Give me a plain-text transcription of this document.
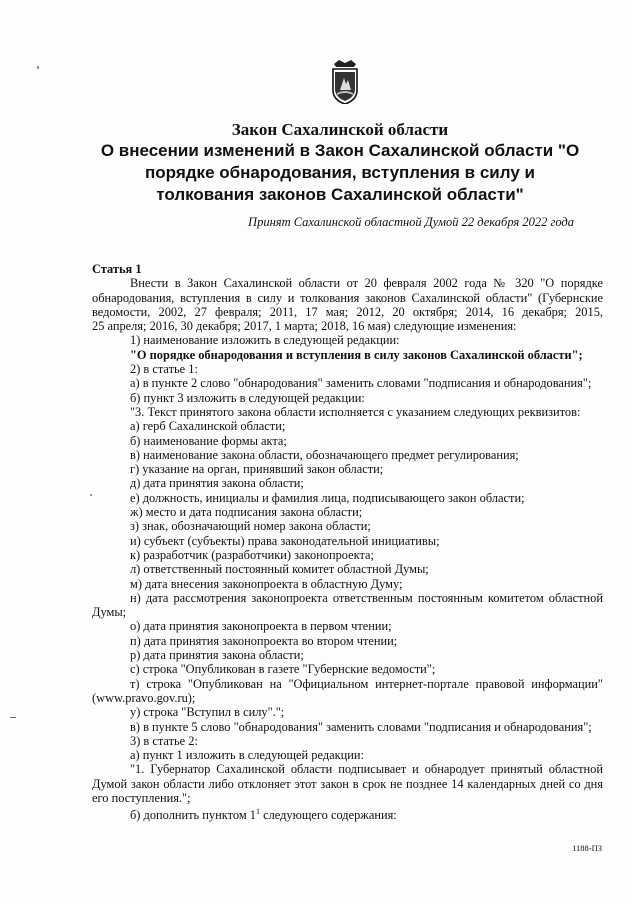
Закон Сахалинской области
О внесении изменений в Закон Сахалинской области "О порядке обнародования, вступления в силу и толкования законов Сахалинской области"
Принят Сахалинской областной Думой 22 декабря 2022 года

Статья 1

Внести в Закон Сахалинской области от 20 февраля 2002 года № 320 "О порядке

обнародования, вступления в силу и толкования законов Сахалинской области" (Губернские

ведомости, 2002, 27 февраля; 2011, 17 мая; 2012, 20 октября; 2014, 16 декабря; 2015,

25 апреля; 2016, 30 декабря; 2017, 1 марта; 2018, 16 мая) следующие изменения:

1) наименование изложить в следующей редакции:

"О порядке обнародования и вступления в силу законов Сахалинской области";

2) в статье 1:

а) в пункте 2 слово "обнародования" заменить словами "подписания и обнародования";

б) пункт 3 изложить в следующей редакции:

"3. Текст принятого закона области исполняется с указанием следующих реквизитов:

а) герб Сахалинской области;

б) наименование формы акта;

в) наименование закона области, обозначающего предмет регулирования;

г) указание на орган, принявший закон области;

д) дата принятия закона области;

е) должность, инициалы и фамилия лица, подписывающего закон области;

ж) место и дата подписания закона области;

з) знак, обозначающий номер закона области;

и) субъект (субъекты) права законодательной инициативы;

к) разработчик (разработчики) законопроекта;

л) ответственный постоянный комитет областной Думы;

м) дата внесения законопроекта в областную Думу;

н) дата рассмотрения законопроекта ответственным постоянным комитетом областной

Думы;

о) дата принятия законопроекта в первом чтении;

п) дата принятия законопроекта во втором чтении;

р) дата принятия закона области;

с) строка "Опубликован в газете "Губернские ведомости";

т) строка "Опубликован на "Официальном интернет-портале правовой информации"

(www.pravo.gov.ru);

у) строка "Вступил в силу".";

в) в пункте 5 слово "обнародования" заменить словами "подписания и обнародования";

3) в статье 2:

а) пункт 1 изложить в следующей редакции:

"1. Губернатор Сахалинской области подписывает и обнародует принятый областной

Думой закон области либо отклоняет этот закон в срок не позднее 14 календарных дней со дня

его поступления.";

б) дополнить пунктом $1^1$ следующего содержания:

1188-ПЗ
